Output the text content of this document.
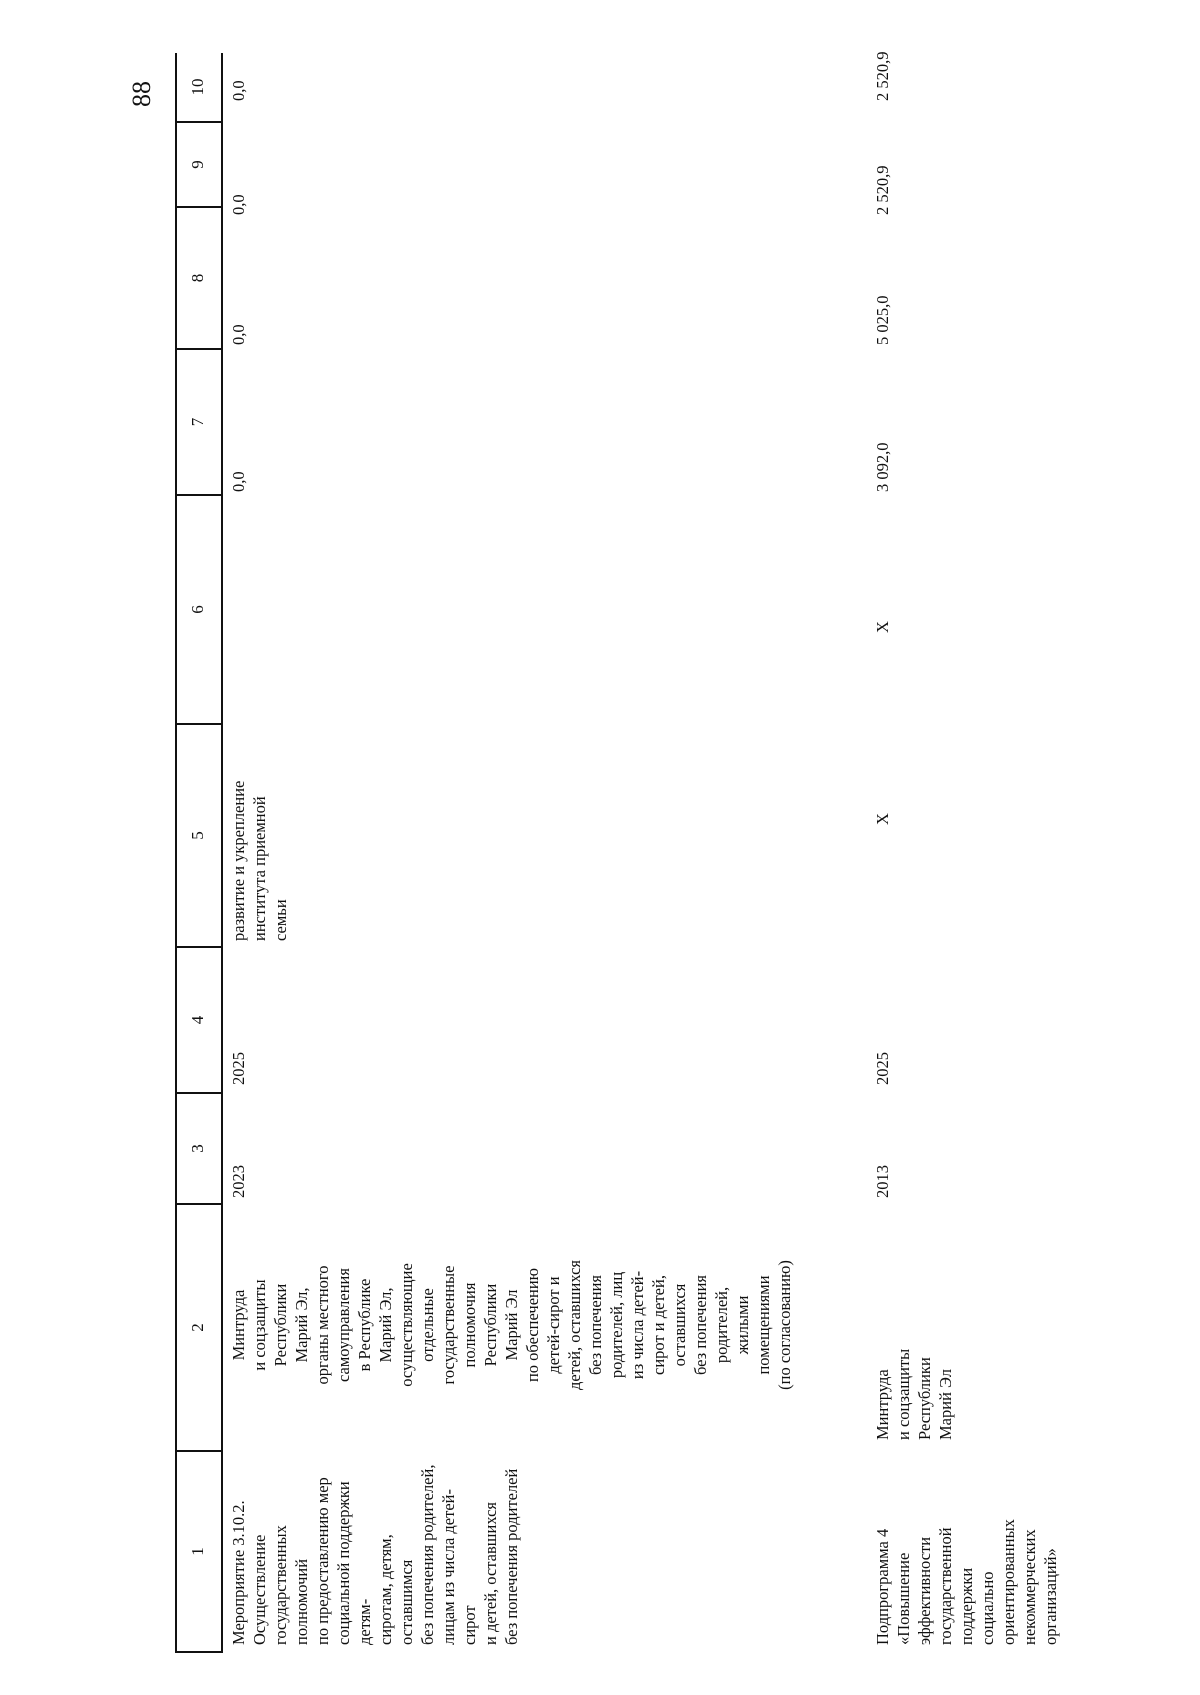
88
1
2
3
4
5
6
7
8
9
10
Мероприятие 3.10.2. Осуществление государственных полномочий по предоставлению мер социальной поддержки детям- сиротам, детям, оставшимся без попечения родителей, лицам из числа детей-сирот и детей, оставшихся без попечения родителей
Минтруда и соцзащиты Республики Марий Эл, органы местного самоуправления в Республике Марий Эл, осуществляющие отдельные государственные полномочия Республики Марий Эл по обеспечению детей-сирот и детей, оставшихся без попечения родителей, лиц из числа детей- сирот и детей, оставшихся без попечения родителей, жилыми помещениями (по согласованию)
2023
2025
развитие и укрепление института приемной семьи
0,0
0,0
0,0
0,0
Подпрограмма 4 «Повышение эффективности государственной поддержки социально ориентированных некоммерческих организаций»
Минтруда и соцзащиты Республики Марий Эл
2013
2025
Х
Х
3 092,0
5 025,0
2 520,9
2 520,9
